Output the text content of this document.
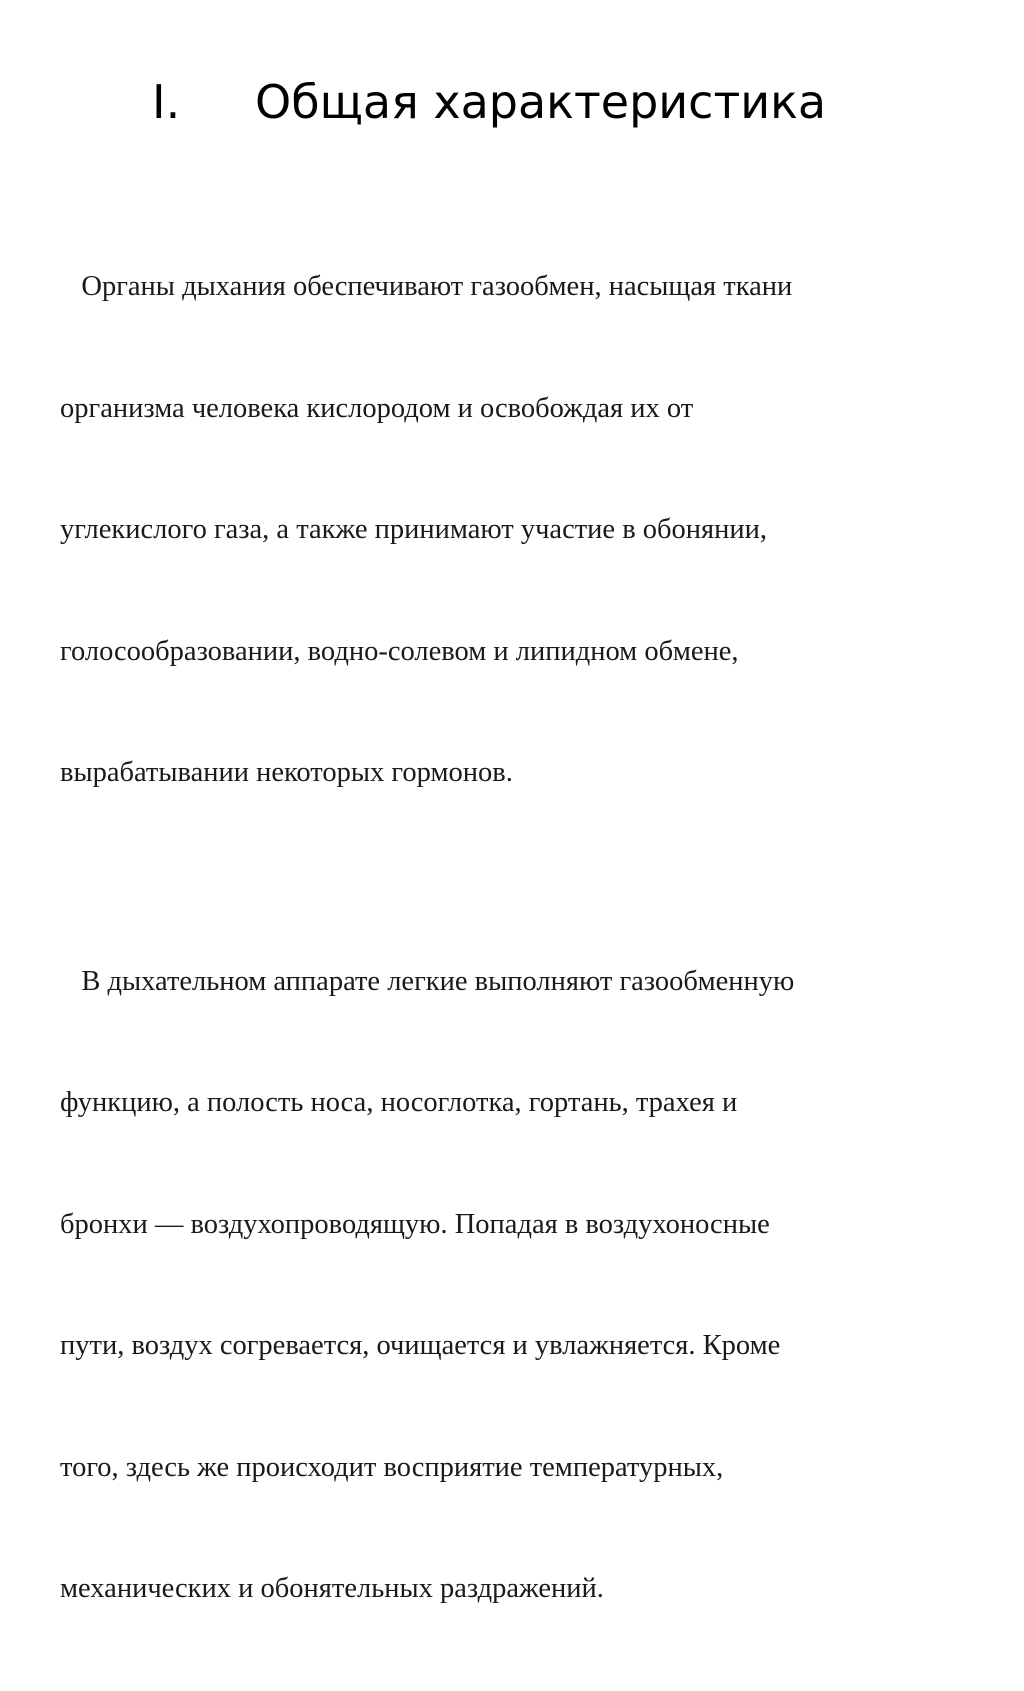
I. Общая характеристика

Органы дыхания обеспечивают газообмен, насыщая ткани

организма человека кислородом и освобождая их от

углекислого газа, а также принимают участие в обонянии,

голосообразовании, водно-солевом и липидном обмене,

вырабатывании некоторых гормонов.

В дыхательном аппарате легкие выполняют газообменную

функцию, а полость носа, носоглотка, гортань, трахея и

бронхи — воздухопроводящую. Попадая в воздухоносные

пути, воздух согревается, очищается и увлажняется. Кроме

того, здесь же происходит восприятие температурных,

механических и обонятельных раздражений.
